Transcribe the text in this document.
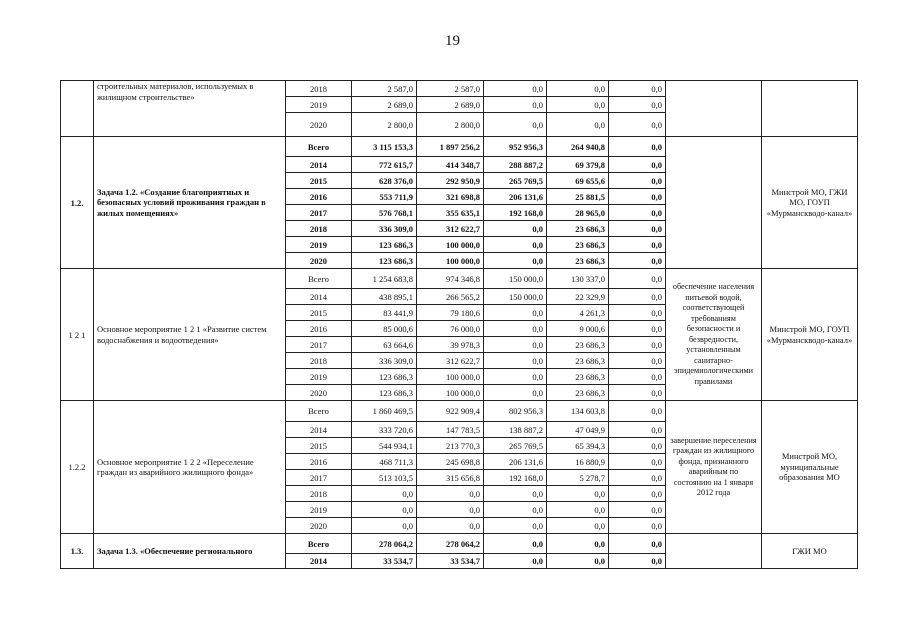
19
	строительных материалов, используемых в жилищном строительстве»		2018	2 587,0	2 587,0	0,0	0,0	0,0		
			2019	2 689,0	2 689,0	0,0	0,0	0,0		
			2020	2 800,0	2 800,0	0,0	0,0	0,0		
1.2.	Задача 1.2. «Создание благоприятных и безопасных условий проживания граждан в жилых помещениях»		Всего	3 115 153,3	1 897 256,2	952 956,3	264 940,8	0,0		Минстрой МО, ГЖИ МО, ГОУП «Мурманскводо-канал»
			2014	772 615,7	414 348,7	288 887,2	69 379,8	0,0		
			2015	628 376,0	292 950,9	265 769,5	69 655,6	0,0		
			2016	553 711,9	321 698,8	206 131,6	25 881,5	0,0		
			2017	576 768,1	355 635,1	192 168,0	28 965,0	0,0		
			2018	336 309,0	312 622,7	0,0	23 686,3	0,0		
			2019	123 686,3	100 000,0	0,0	23 686,3	0,0		
			2020	123 686,3	100 000,0	0,0	23 686,3	0,0		
1 2 1	Основное мероприятие 1 2 1 «Развитие систем водоснабжения и водоотведения»		Всего	1 254 683,8	974 346,8	150 000,0	130 337,0	0,0	обеспечение населения питьевой водой, соответствующей требованиям безопасности и безвредности, установленным санитарно-эпидемиологическими правилами	Минстрой МО, ГОУП «Мурманскводо-канал»
			2014	438 895,1	266 565,2	150 000,0	22 329,9	0,0		
			2015	83 441,9	79 180,6	0,0	4 261,3	0,0		
			2016	85 000,6	76 000,0	0,0	9 000,6	0,0		
			2017	63 664,6	39 978,3	0,0	23 686,3	0,0		
			2018	336 309,0	312 622,7	0,0	23 686,3	0,0		
			2019	123 686,3	100 000,0	0,0	23 686,3	0,0		
			2020	123 686,3	100 000,0	0,0	23 686,3	0,0		
1.2.2	Основное мероприятие 1 2 2 «Переселение граждан из аварийного жилищного фонда»		Всего	1 860 469,5	922 909,4	802 956,3	134 603,8	0,0	завершение переселения граждан из жилищного фонда, признанного аварийным по состоянию на 1 января 2012 года	Минстрой МО, муниципальные образования МО
			2014	333 720,6	147 783,5	138 887,2	47 049,9	0,0		
			2015	544 934,1	213 770,3	265 769,5	65 394,3	0,0		
			2016	468 711,3	245 698,8	206 131,6	16 880,9	0,0		
			2017	513 103,5	315 656,8	192 168,0	5 278,7	0,0		
			2018	0,0	0,0	0,0	0,0	0,0		
			2019	0,0	0,0	0,0	0,0	0,0		
			2020	0,0	0,0	0,0	0,0	0,0		
1.3.	Задача 1.3. «Обеспечение регионального		Всего	278 064,2	278 064,2	0,0	0,0	0,0		ГЖИ МО
			2014	33 534,7	33 534,7	0,0	0,0	0,0		
